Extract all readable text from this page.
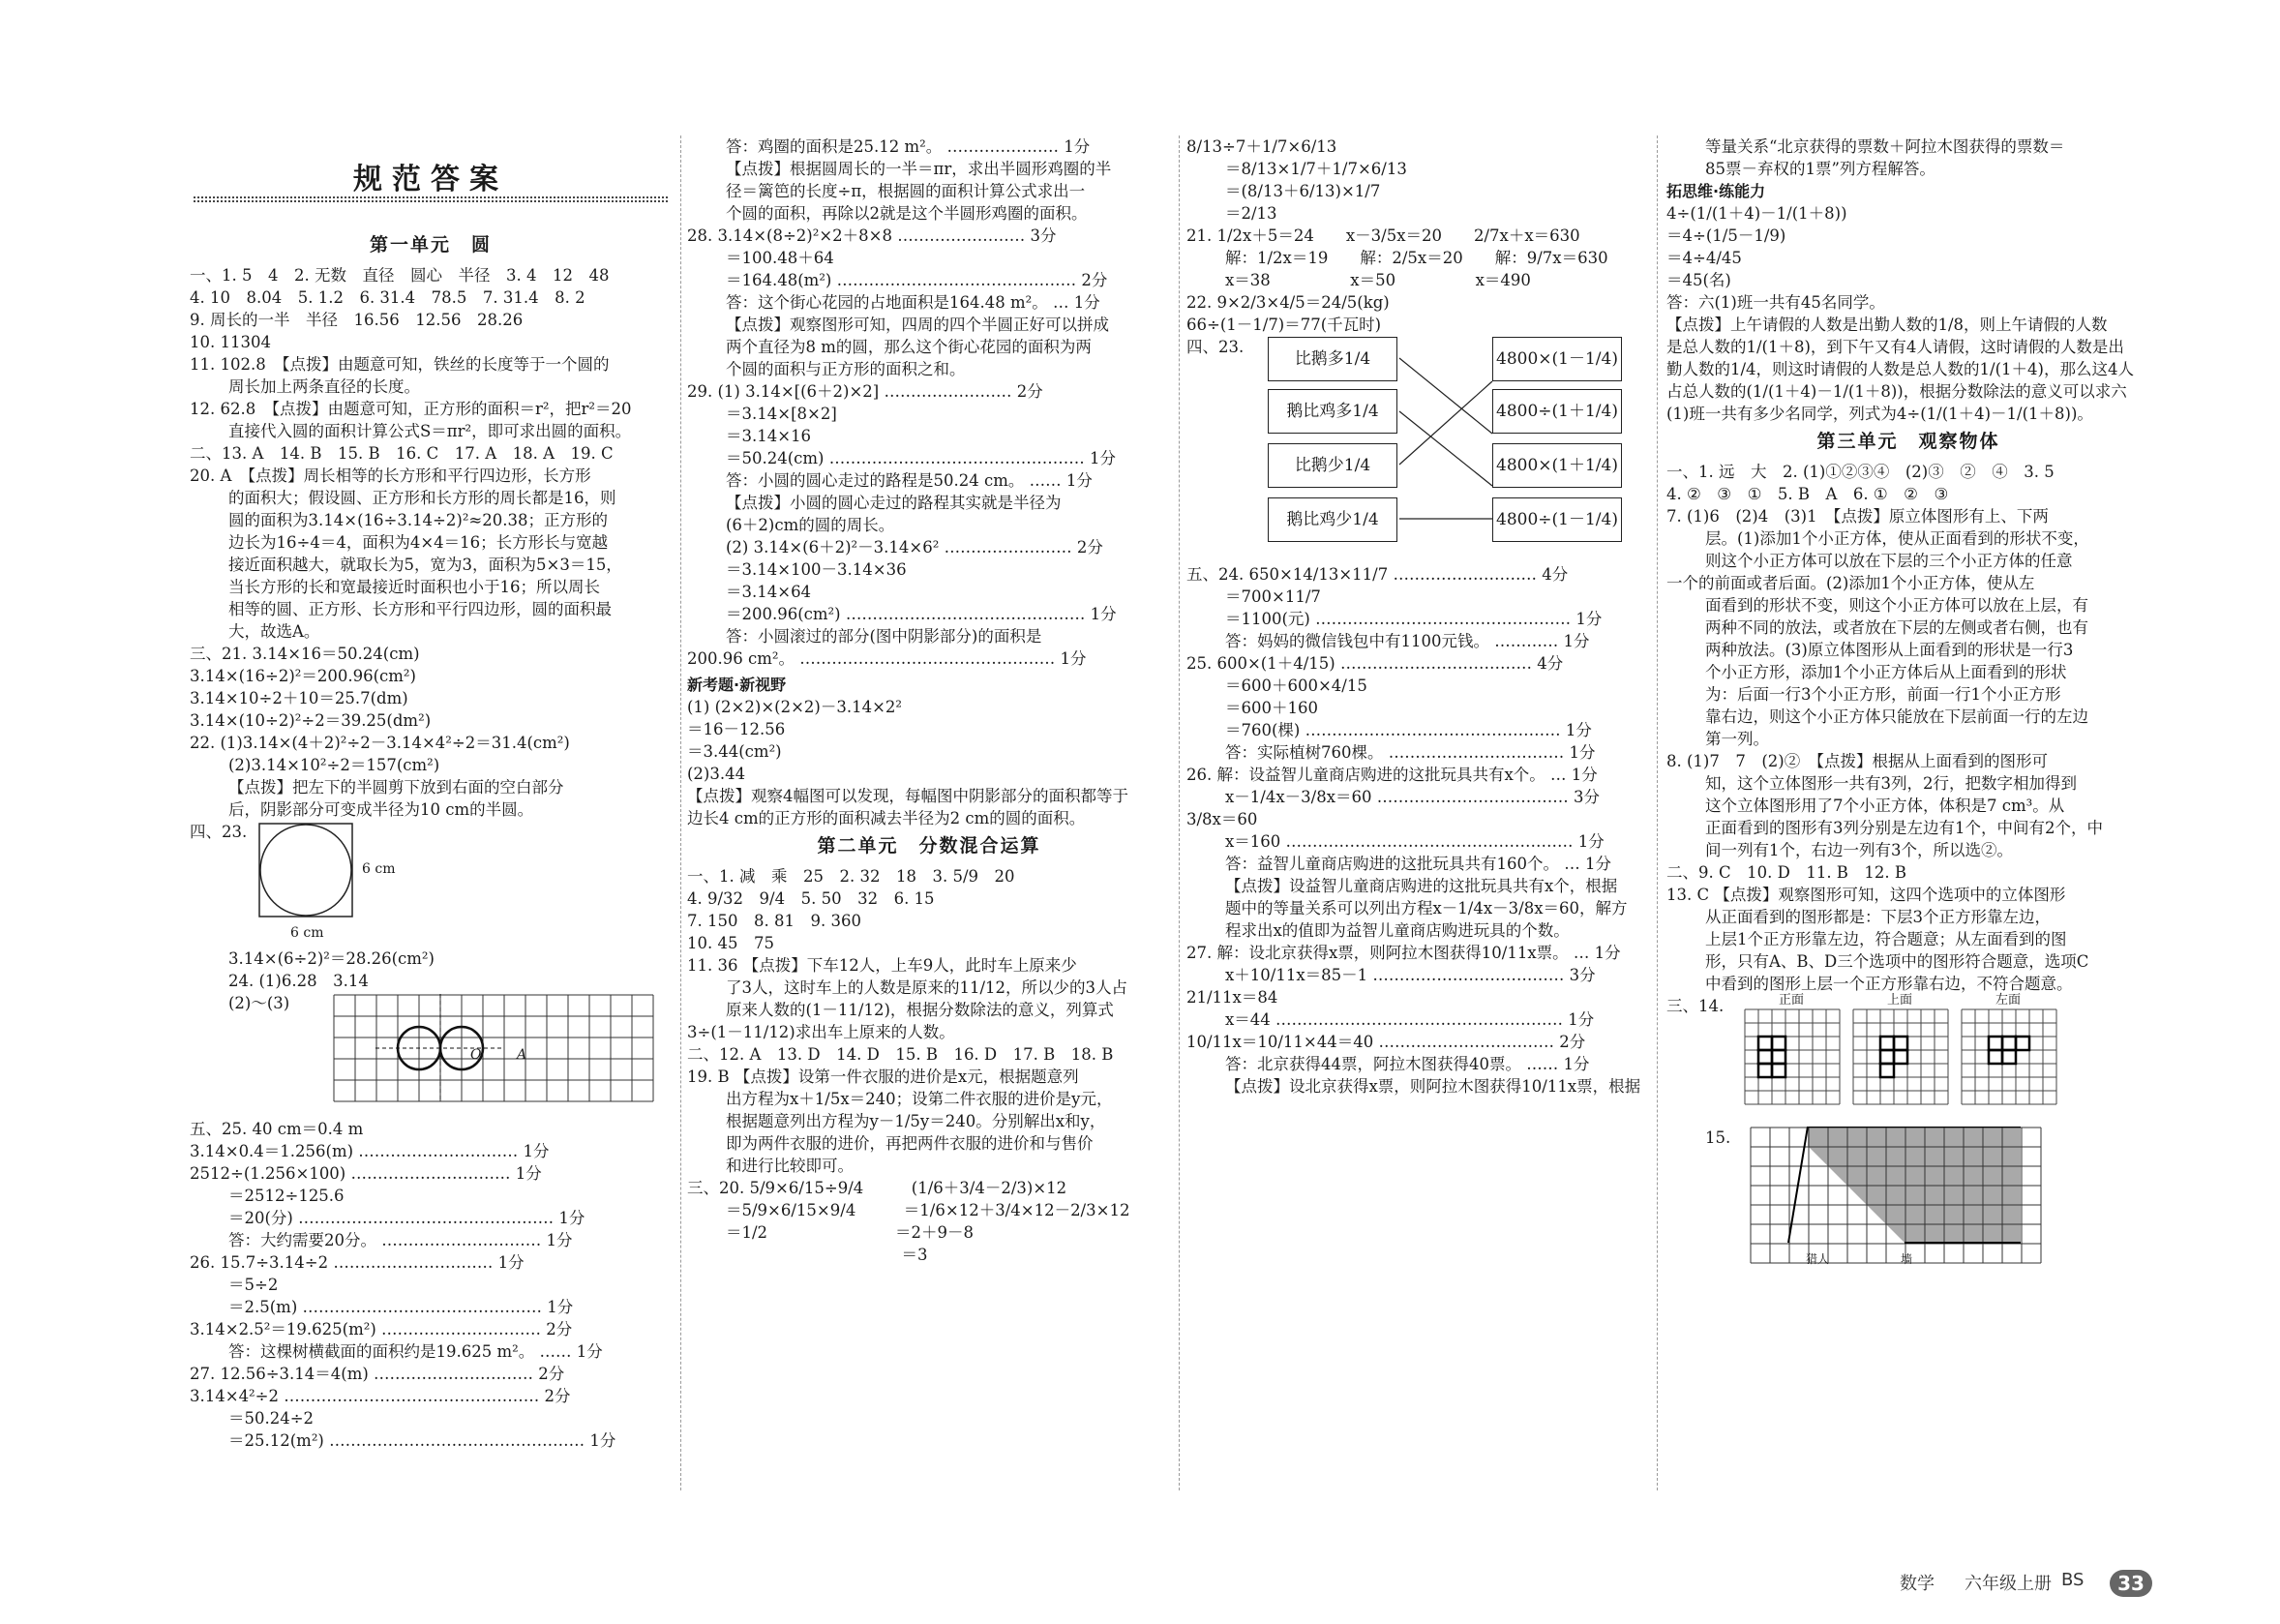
规范答案
第一单元　圆
一、1. 5　4　2. 无数　直径　圆心　半径　3. 4　12　48
4. 10　8.04　5. 1.2　6. 31.4　78.5　7. 31.4　8. 2
9. 周长的一半　半径　16.56　12.56　28.26
10. 11304
11. 102.8　【点拨】由题意可知，铁丝的长度等于一个圆的
周长加上两条直径的长度。
12. 62.8　【点拨】由题意可知，正方形的面积＝r²，把r²＝20
直接代入圆的面积计算公式S＝πr²，即可求出圆的面积。
二、13. A　14. B　15. B　16. C　17. A　18. A　19. C
20. A　【点拨】周长相等的长方形和平行四边形，长方形
的面积大；假设圆、正方形和长方形的周长都是16，则
圆的面积为3.14×(16÷3.14÷2)²≈20.38；正方形的
边长为16÷4＝4，面积为4×4＝16；长方形长与宽越
接近面积越大，就取长为5，宽为3，面积为5×3＝15，
当长方形的长和宽最接近时面积也小于16；所以周长
相等的圆、正方形、长方形和平行四边形，圆的面积最
大，故选A。
三、21. 3.14×16＝50.24(cm)
3.14×(16÷2)²＝200.96(cm²)
3.14×10÷2＋10＝25.7(dm)
3.14×(10÷2)²÷2＝39.25(dm²)
22. (1)3.14×(4＋2)²÷2－3.14×4²÷2＝31.4(cm²)
(2)3.14×10²÷2＝157(cm²)
【点拨】把左下的半圆剪下放到右面的空白部分
后，阴影部分可变成半径为10 cm的半圆。
四、23.
6 cm
6 cm
3.14×(6÷2)²＝28.26(cm²)
24. (1)6.28　3.14
(2)～(3)
O	A
五、25. 40 cm＝0.4 m
3.14×0.4＝1.256(m) ………………………… 1分
2512÷(1.256×100) ………………………… 1分
＝2512÷125.6
＝20(分) ………………………………………… 1分
答：大约需要20分。 ………………………… 1分
26. 15.7÷3.14÷2 ………………………… 1分
＝5÷2
＝2.5(m) ……………………………………… 1分
3.14×2.5²＝19.625(m²) ………………………… 2分
答：这棵树横截面的面积约是19.625 m²。 …… 1分
27. 12.56÷3.14＝4(m) ………………………… 2分
3.14×4²÷2 ………………………………………… 2分
＝50.24÷2
＝25.12(m²) ………………………………………… 1分
答：鸡圈的面积是25.12 m²。 ………………… 1分
【点拨】根据圆周长的一半＝πr，求出半圆形鸡圈的半
径＝篱笆的长度÷π，根据圆的面积计算公式求出一
个圆的面积，再除以2就是这个半圆形鸡圈的面积。
28. 3.14×(8÷2)²×2＋8×8 …………………… 3分
＝100.48＋64
＝164.48(m²) ……………………………………… 2分
答：这个街心花园的占地面积是164.48 m²。 … 1分
【点拨】观察图形可知，四周的四个半圆正好可以拼成
两个直径为8 m的圆，那么这个街心花园的面积为两
个圆的面积与正方形的面积之和。
29. (1) 3.14×[(6＋2)×2] …………………… 2分
＝3.14×[8×2]
＝3.14×16
＝50.24(cm) ………………………………………… 1分
答：小圆的圆心走过的路程是50.24 cm。 …… 1分
【点拨】小圆的圆心走过的路程其实就是半径为
(6＋2)cm的圆的周长。
(2) 3.14×(6＋2)²－3.14×6² …………………… 2分
＝3.14×100－3.14×36
＝3.14×64
＝200.96(cm²) ……………………………………… 1分
答：小圆滚过的部分(图中阴影部分)的面积是
200.96 cm²。 ………………………………………… 1分
新考题·新视野
(1) (2×2)×(2×2)－3.14×2²
＝16－12.56
＝3.44(cm²)
(2)3.44
【点拨】观察4幅图可以发现，每幅图中阴影部分的面积都等于
边长4 cm的正方形的面积减去半径为2 cm的圆的面积。
第二单元　分数混合运算
一、1. 减　乘　25　2. 32　18　3. 5/9　20
4. 9/32　9/4　5. 50　32　6. 15
7. 150　8. 81　9. 360
10. 45　75
11. 36 【点拨】下车12人，上车9人，此时车上原来少
了3人，这时车上的人数是原来的11/12，所以少的3人占
原来人数的(1－11/12)，根据分数除法的意义，列算式
3÷(1－11/12)求出车上原来的人数。
二、12. A　13. D　14. D　15. B　16. D　17. B　18. B
19. B 【点拨】设第一件衣服的进价是x元，根据题意列
出方程为x＋1/5x＝240；设第二件衣服的进价是y元，
根据题意列出方程为y－1/5y＝240。分别解出x和y，
即为两件衣服的进价，再把两件衣服的进价和与售价
和进行比较即可。
三、20. 5/9×6/15÷9/4　　　(1/6＋3/4－2/3)×12
＝5/9×6/15×9/4　　　＝1/6×12＋3/4×12－2/3×12
＝1/2　　　　　　　　＝2＋9－8
　　　　　　　　　　　＝3
8/13÷7＋1/7×6/13
＝8/13×1/7＋1/7×6/13
＝(8/13＋6/13)×1/7
＝2/13
21. 1/2x＋5＝24　　x－3/5x＝20　　2/7x＋x＝630
解：1/2x＝19　　解：2/5x＝20　　解：9/7x＝630
x＝38　　　　　x＝50　　　　　x＝490
22. 9×2/3×4/5＝24/5(kg)
66÷(1－1/7)＝77(千瓦时)
四、23.
比鹅多1/4
鹅比鸡多1/4
比鹅少1/4
鹅比鸡少1/4
4800×(1－1/4)
4800÷(1＋1/4)
4800×(1＋1/4)
4800÷(1－1/4)
五、24. 650×14/13×11/7 ……………………… 4分
＝700×11/7
＝1100(元) ………………………………………… 1分
答：妈妈的微信钱包中有1100元钱。 ………… 1分
25. 600×(1＋4/15) ……………………………… 4分
＝600＋600×4/15
＝600＋160
＝760(棵) ………………………………………… 1分
答：实际植树760棵。 …………………………… 1分
26. 解：设益智儿童商店购进的这批玩具共有x个。 … 1分
x－1/4x－3/8x＝60 ……………………………… 3分
3/8x＝60
x＝160 ……………………………………………… 1分
答：益智儿童商店购进的这批玩具共有160个。 … 1分
【点拨】设益智儿童商店购进的这批玩具共有x个，根据
题中的等量关系可以列出方程x－1/4x－3/8x＝60，解方
程求出x的值即为益智儿童商店购进玩具的个数。
27. 解：设北京获得x票，则阿拉木图获得10/11x票。 … 1分
x＋10/11x＝85－1 ……………………………… 3分
21/11x＝84
x＝44 ……………………………………………… 1分
10/11x＝10/11×44＝40 …………………………… 2分
答：北京获得44票，阿拉木图获得40票。 …… 1分
【点拨】设北京获得x票，则阿拉木图获得10/11x票，根据
等量关系“北京获得的票数＋阿拉木图获得的票数＝
85票－弃权的1票”列方程解答。
拓思维·练能力
4÷(1/(1＋4)－1/(1＋8))
＝4÷(1/5－1/9)
＝4÷4/45
＝45(名)
答：六(1)班一共有45名同学。
【点拨】上午请假的人数是出勤人数的1/8，则上午请假的人数
是总人数的1/(1＋8)，到下午又有4人请假，这时请假的人数是出
勤人数的1/4，则这时请假的人数是总人数的1/(1＋4)，那么这4人
占总人数的(1/(1＋4)－1/(1＋8))，根据分数除法的意义可以求六
(1)班一共有多少名同学，列式为4÷(1/(1＋4)－1/(1＋8))。
第三单元　观察物体
一、1. 远　大　2. (1)①②③④　(2)③　②　④　3. 5
4. ②　③　①　5. B　A　6. ①　②　③
7. (1)6　(2)4　(3)1　【点拨】原立体图形有上、下两
层。(1)添加1个小正方体，使从正面看到的形状不变，
则这个小正方体可以放在下层的三个小正方体的任意
一个的前面或者后面。(2)添加1个小正方体，使从左
面看到的形状不变，则这个小正方体可以放在上层，有
两种不同的放法，或者放在下层的左侧或者右侧，也有
两种放法。(3)原立体图形从上面看到的形状是一行3
个小正方形，添加1个小正方体后从上面看到的形状
为：后面一行3个小正方形，前面一行1个小正方形
靠右边，则这个小正方体只能放在下层前面一行的左边
第一列。
8. (1)7　7　(2)②　【点拨】根据从上面看到的图形可
知，这个立体图形一共有3列，2行，把数字相加得到
这个立体图形用了7个小正方体，体积是7 cm³。从
正面看到的图形有3列分别是左边有1个，中间有2个，中
间一列有1个，右边一列有3个，所以选②。
二、9. C　10. D　11. B　12. B
13. C 【点拨】观察图形可知，这四个选项中的立体图形
从正面看到的图形都是：下层3个正方形靠左边，
上层1个正方形靠左边，符合题意；从左面看到的图
形，只有A、B、D三个选项中的图形符合题意，选项C
中看到的图形上层一个正方形靠右边，不符合题意。
三、14.	正面	上面	左面
15.
猎人	墙
数学 六年级上册 BS	33
